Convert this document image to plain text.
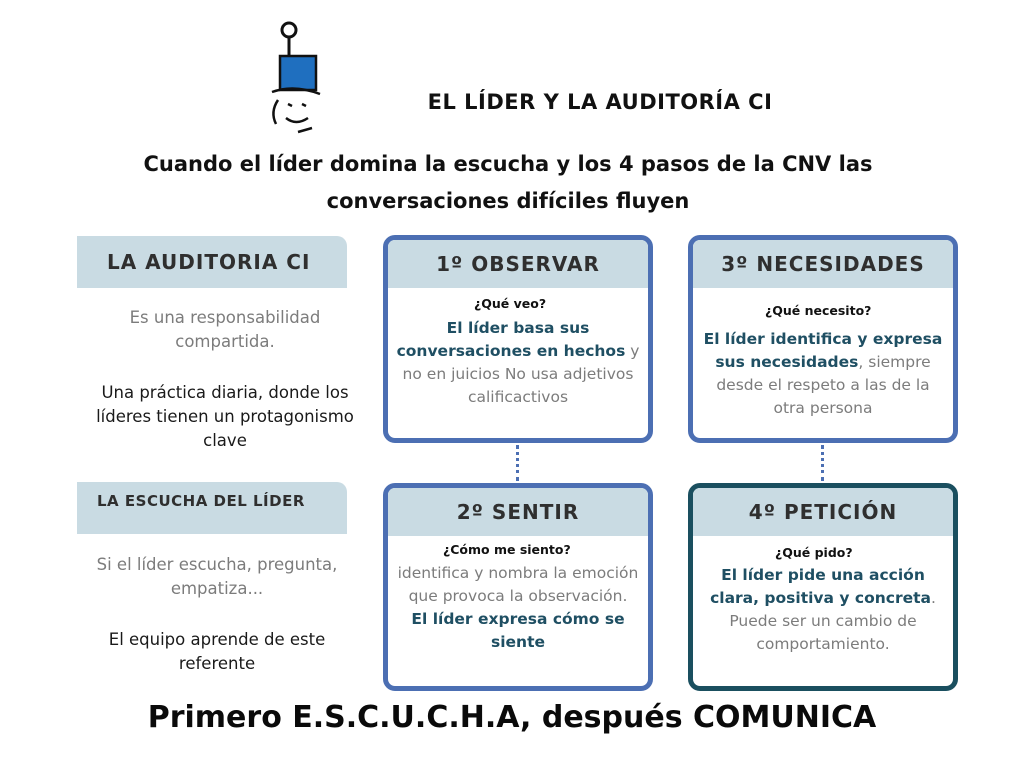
EL LÍDER Y LA AUDITORÍA CI
Cuando el líder domina la escucha y los 4 pasos de la CNV las
conversaciones difíciles fluyen
LA AUDITORIA CI
Es una responsabilidad compartida.
Una práctica diaria, donde los líderes tienen un protagonismo clave
LA ESCUCHA DEL LÍDER
Si el líder escucha, pregunta, empatiza...
El equipo aprende de este referente
1º OBSERVAR
¿Qué veo?
El líder basa sus conversaciones en hechos y no en juicios No usa adjetivos calificactivos
2º SENTIR
¿Cómo me siento?
identifica y nombra la emoción que provoca la observación.
El líder expresa cómo se siente
3º NECESIDADES
¿Qué necesito?
El líder identifica y expresa sus necesidades, siempre desde el respeto a las de la otra persona
4º PETICIÓN
¿Qué pido?
El líder pide una acción clara, positiva y concreta.
Puede ser un cambio de comportamiento.
Primero E.S.C.U.C.H.A, después COMUNICA
